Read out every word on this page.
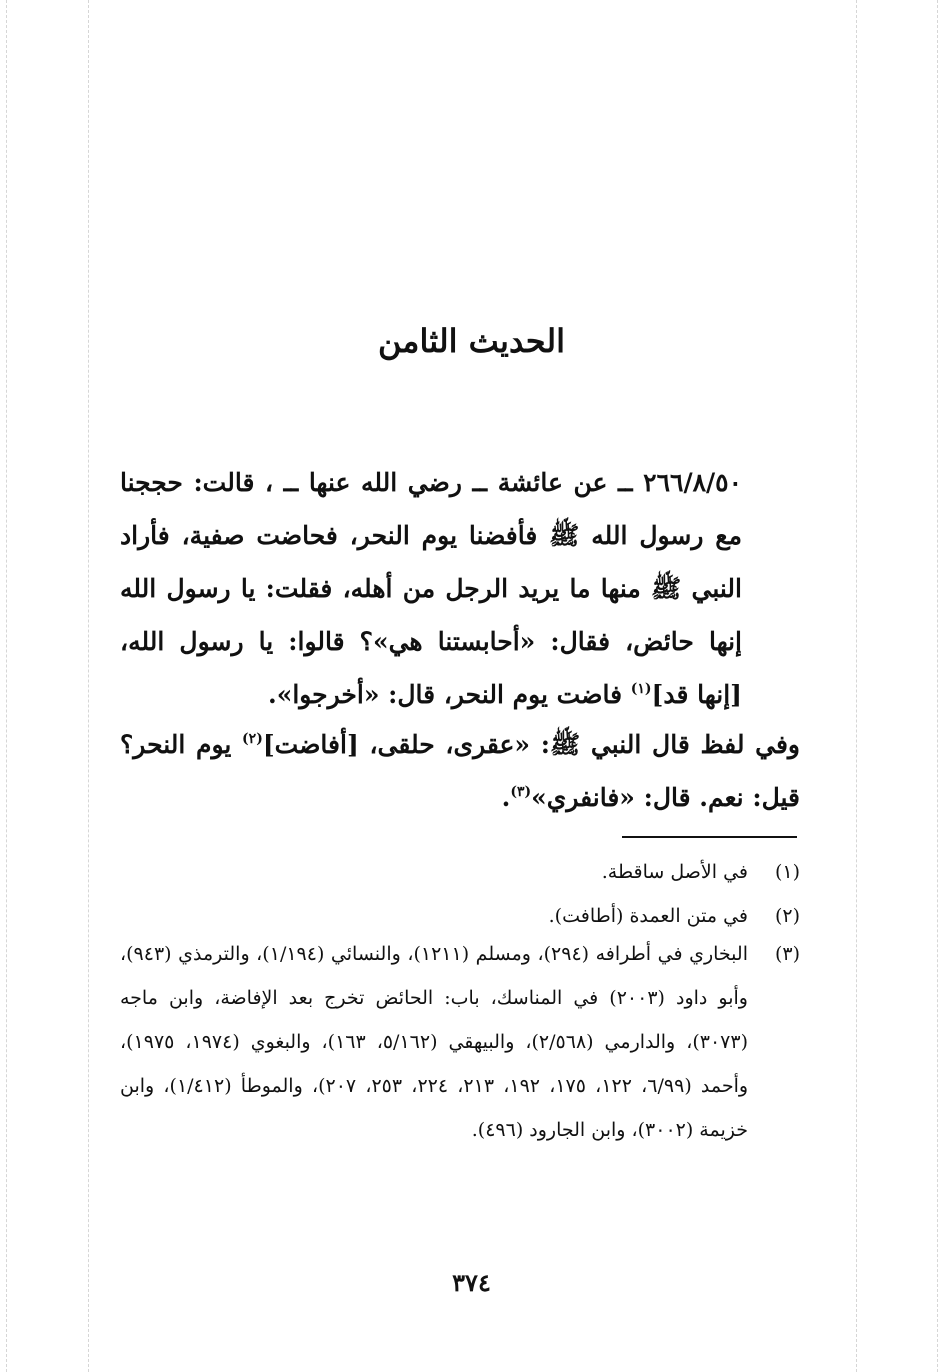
الحديث الثامن

٢٦٦/٨/٥٠ ــ عن عائشة ــ رضي الله عنها ــ ، قالت: حججنا مع رسول الله ﷺ فأفضنا يوم النحر، فحاضت صفية، فأراد النبي ﷺ منها ما يريد الرجل من أهله، فقلت: يا رسول الله إنها حائض، فقال: «أحابستنا هي»؟ قالوا: يا رسول الله، [إنها قد]$^{(١)}$ فاضت يوم النحر، قال: «أخرجوا».

وفي لفظ قال النبي ﷺ: «عقرى، حلقى، [أفاضت]$^{(٢)}$ يوم النحر؟ قيل: نعم. قال: «فانفري»$^{(٣)}$.

(١)

في الأصل ساقطة.

(٢)

في متن العمدة (أطافت).

(٣)

البخاري في أطرافه (٢٩٤)، ومسلم (١٢١١)، والنسائي (١/١٩٤)، والترمذي (٩٤٣)، وأبو داود (٢٠٠٣) في المناسك، باب: الحائض تخرج بعد الإفاضة، وابن ماجه (٣٠٧٣)، والدارمي (٢/٥٦٨)، والبيهقي (٥/١٦٢، ١٦٣)، والبغوي (١٩٧٤، ١٩٧٥)، وأحمد (٦/٩٩، ١٢٢، ١٧٥، ١٩٢، ٢١٣، ٢٢٤، ٢٥٣، ٢٠٧)، والموطأ (١/٤١٢)، وابن خزيمة (٣٠٠٢)، وابن الجارود (٤٩٦).

٣٧٤
